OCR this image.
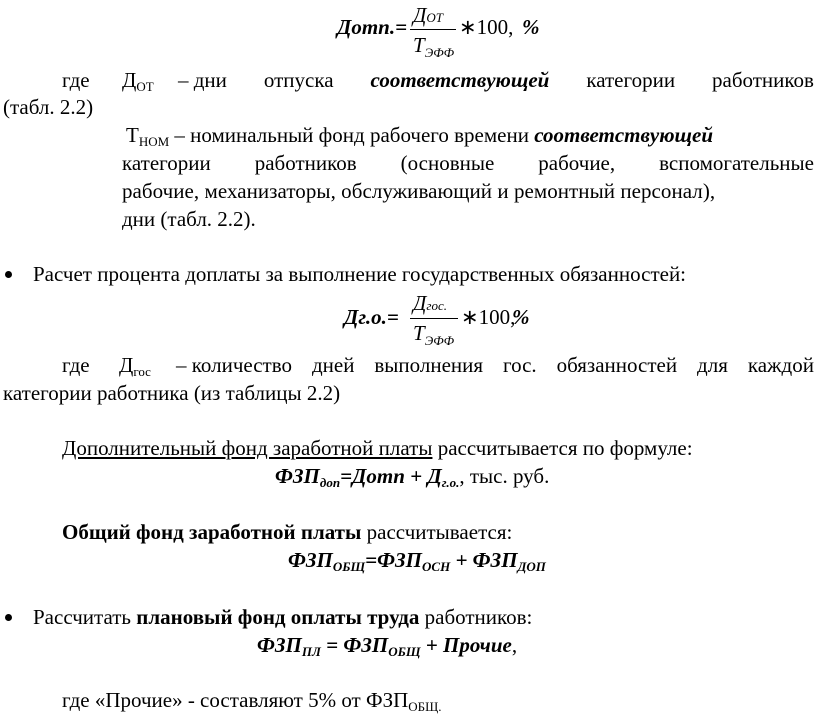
Дотп.= ДОТ
$Т_{ЭФФ}$
∗100, %
где $Д_{ОТ}$ – дни отпуска соответствующей категории работников
(табл. 2.2)
$Т_{НОМ}$ – номинальный фонд рабочего времени соответствующей
категории работников (основные рабочие, вспомогательные
рабочие, механизаторы, обслуживающий и ремонтный персонал),
дни (табл. 2.2).
Расчет процента доплаты за выполнение государственных обязанностей:
Дг.о.=
Дгос.
$Т_{ЭФФ}$
∗100,
%
где $Д_{гос}$ – количество дней выполнения гос. обязанностей для каждой
категории работника (из таблицы 2.2)
Дополнительный фонд заработной платы рассчитывается по формуле:
$ФЗП_{доп}=Дотп + Д_{г.о.}$, тыс. руб.
Общий фонд заработной платы рассчитывается:
$ФЗП_{ОБЩ}=ФЗП_{ОСН} + ФЗП_{ДОП}$
Рассчитать плановый фонд оплаты труда работников:
$ФЗП_{ПЛ} = ФЗП_{ОБЩ}$ + Прочие,
где «Прочие» - составляют 5% от $ФЗП_{ОБЩ.}$
